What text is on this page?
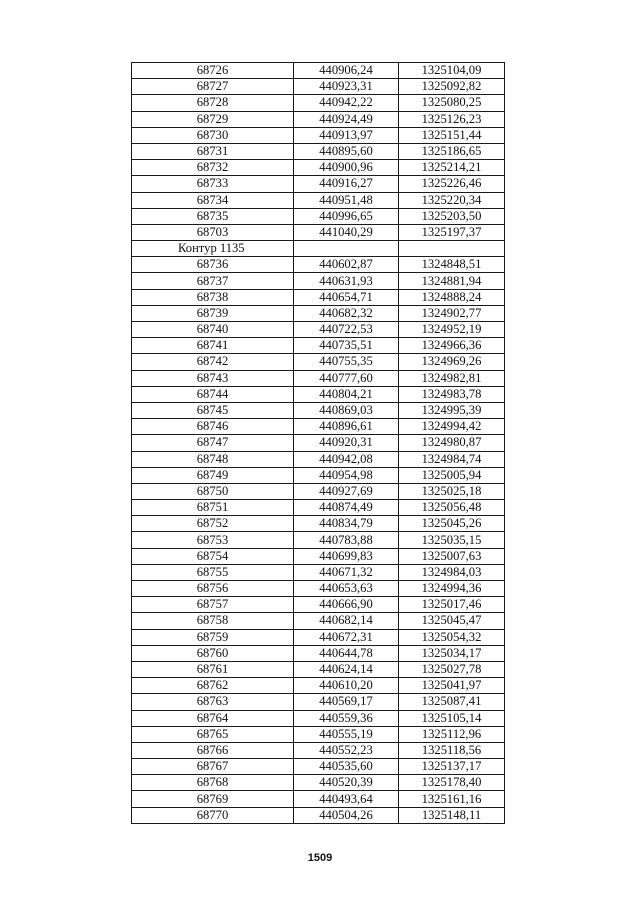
68726	440906,24	1325104,09
68727	440923,31	1325092,82
68728	440942,22	1325080,25
68729	440924,49	1325126,23
68730	440913,97	1325151,44
68731	440895,60	1325186,65
68732	440900,96	1325214,21
68733	440916,27	1325226,46
68734	440951,48	1325220,34
68735	440996,65	1325203,50
68703	441040,29	1325197,37
Контур 1135		
68736	440602,87	1324848,51
68737	440631,93	1324881,94
68738	440654,71	1324888,24
68739	440682,32	1324902,77
68740	440722,53	1324952,19
68741	440735,51	1324966,36
68742	440755,35	1324969,26
68743	440777,60	1324982,81
68744	440804,21	1324983,78
68745	440869,03	1324995,39
68746	440896,61	1324994,42
68747	440920,31	1324980,87
68748	440942,08	1324984,74
68749	440954,98	1325005,94
68750	440927,69	1325025,18
68751	440874,49	1325056,48
68752	440834,79	1325045,26
68753	440783,88	1325035,15
68754	440699,83	1325007,63
68755	440671,32	1324984,03
68756	440653,63	1324994,36
68757	440666,90	1325017,46
68758	440682,14	1325045,47
68759	440672,31	1325054,32
68760	440644,78	1325034,17
68761	440624,14	1325027,78
68762	440610,20	1325041,97
68763	440569,17	1325087,41
68764	440559,36	1325105,14
68765	440555,19	1325112,96
68766	440552,23	1325118,56
68767	440535,60	1325137,17
68768	440520,39	1325178,40
68769	440493,64	1325161,16
68770	440504,26	1325148,11
1509
